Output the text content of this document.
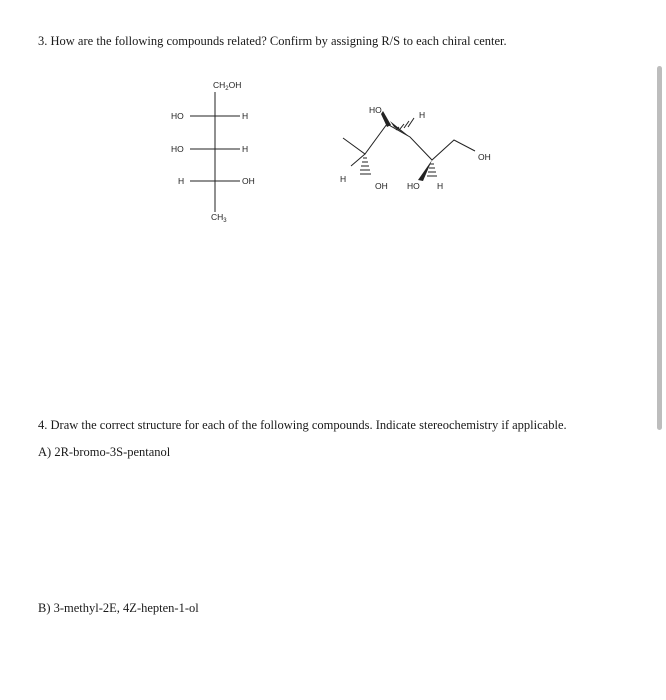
3. How are the following compounds related? Confirm by assigning R/S to each chiral center.
$CH_2OH$
HO	H
HO	H
H	OH
$CH_3$
HO	H
H
OH HO H
OH
4. Draw the correct structure for each of the following compounds. Indicate stereochemistry if applicable.
A) 2R-bromo-3S-pentanol
B) 3-methyl-2E, 4Z-hepten-1-ol
